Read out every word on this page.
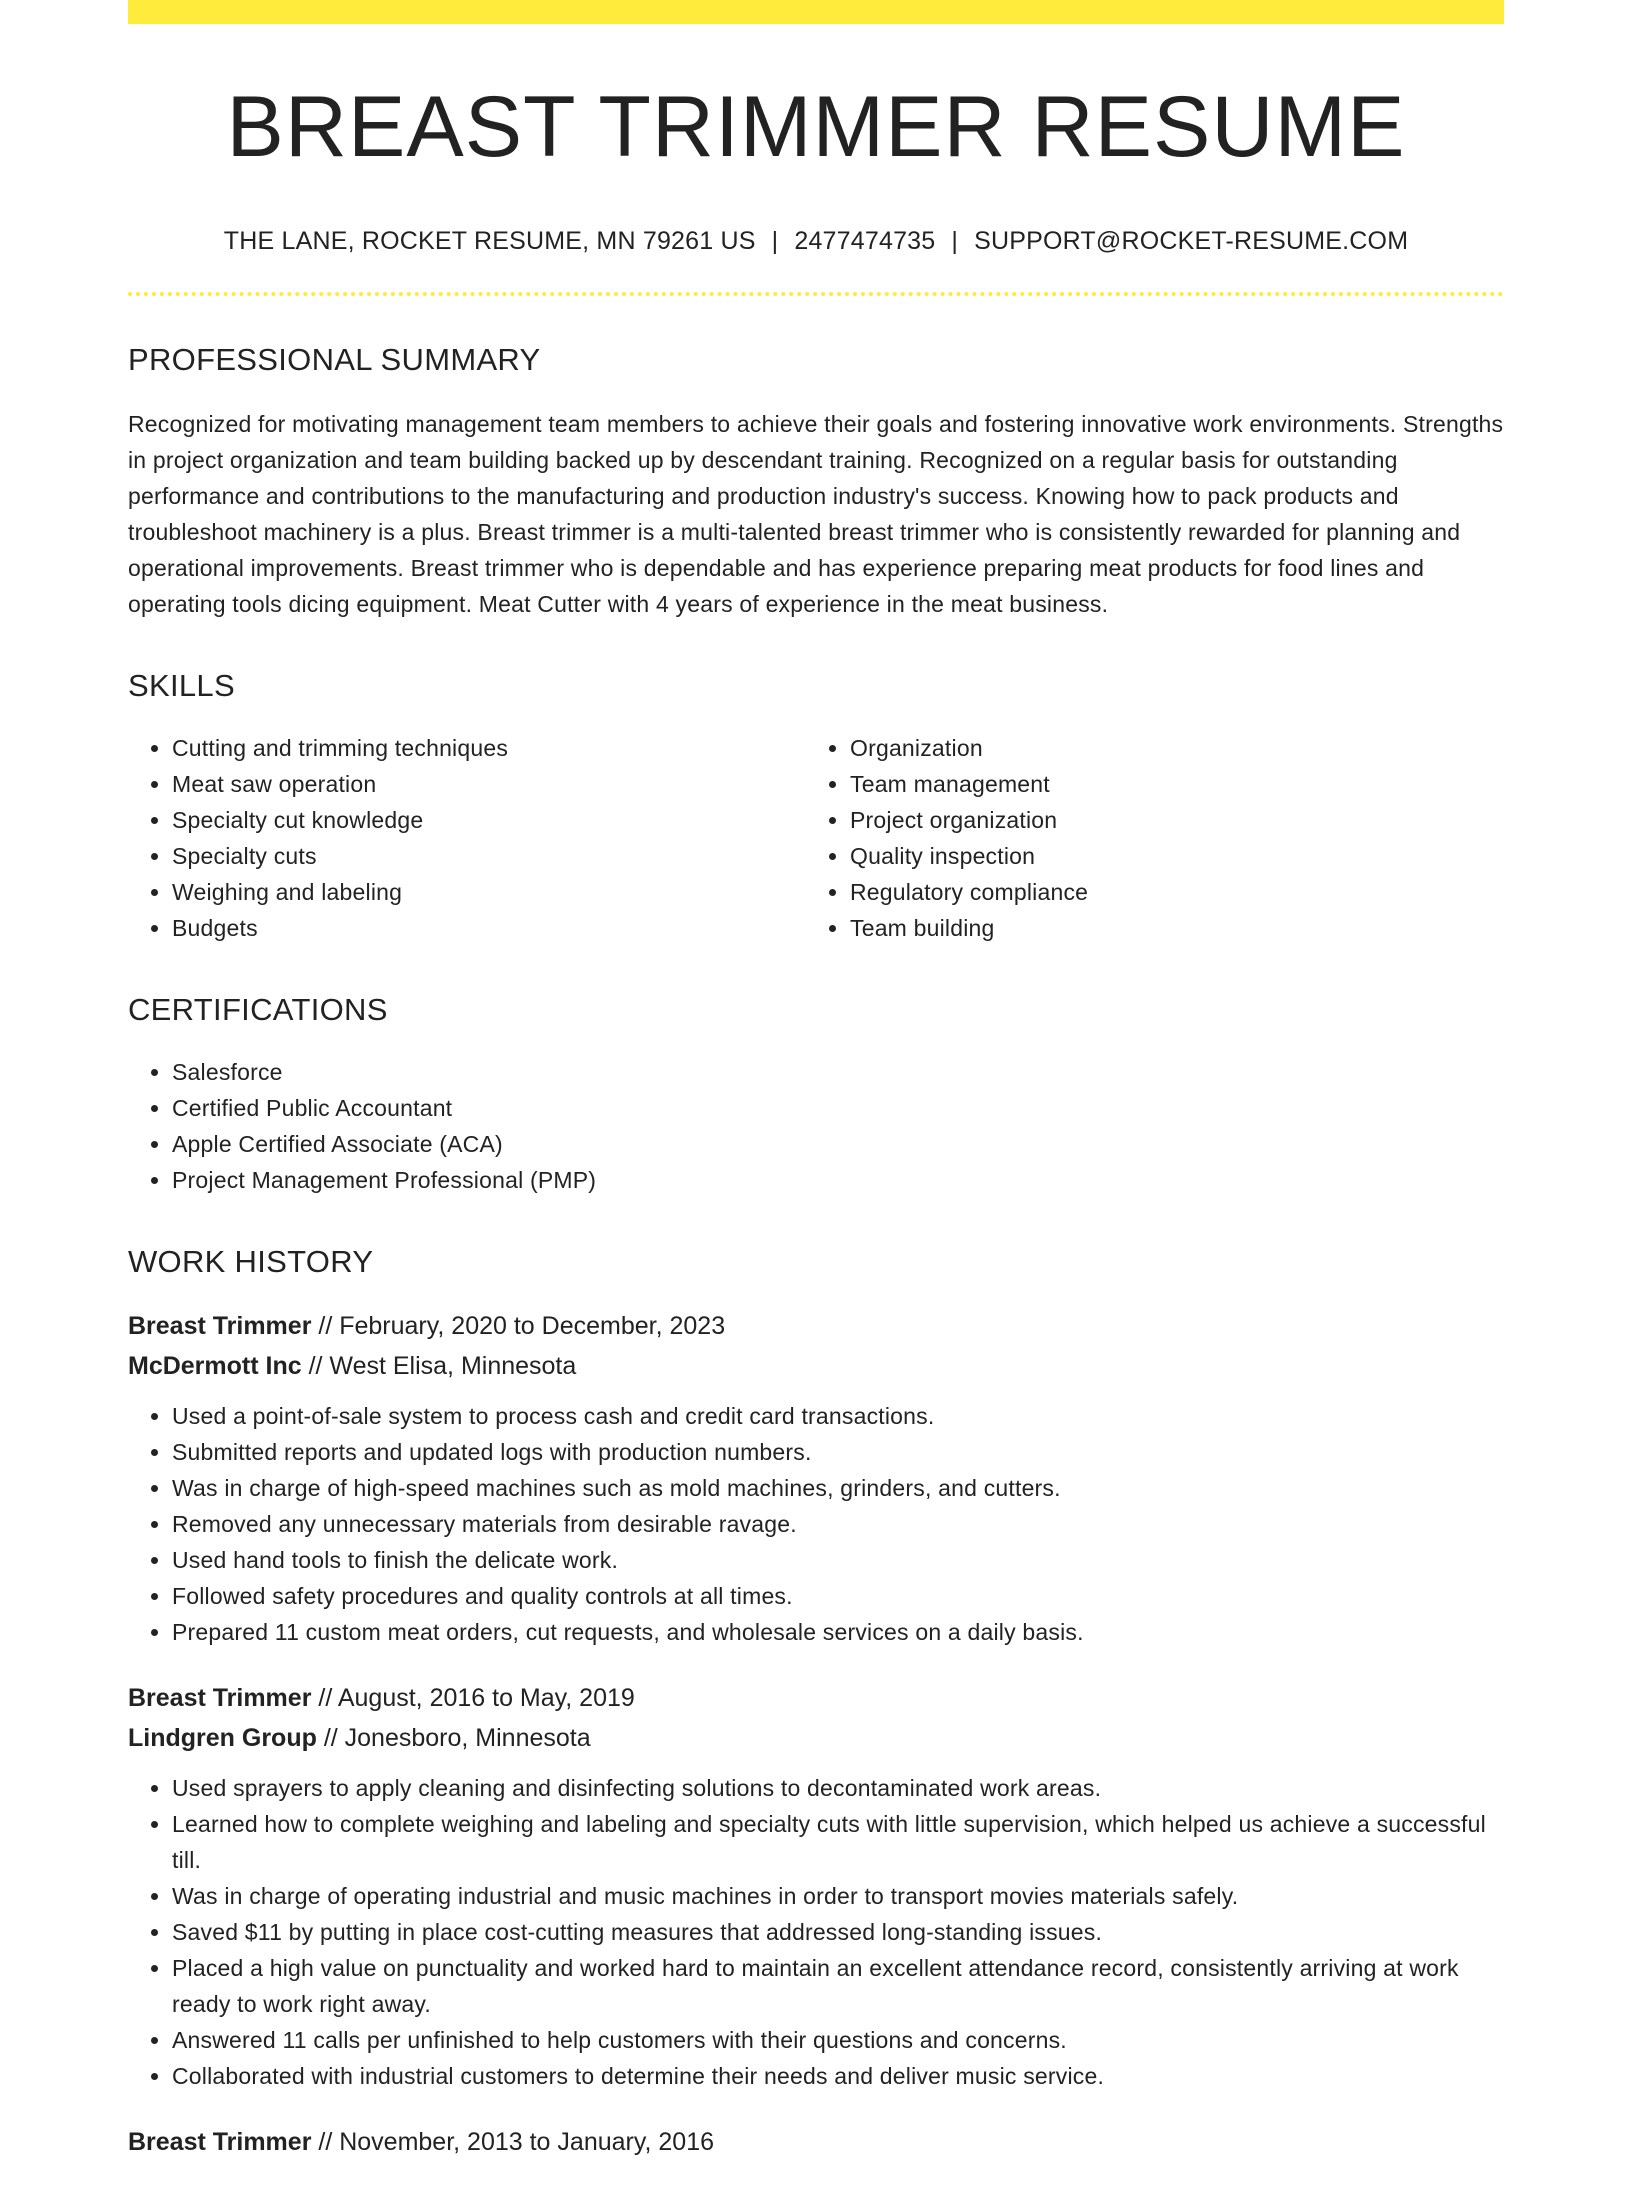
BREAST TRIMMER RESUME
THE LANE, ROCKET RESUME, MN 79261 US | 2477474735 | SUPPORT@ROCKET-RESUME.COM
PROFESSIONAL SUMMARY

Recognized for motivating management team members to achieve their goals and fostering innovative work environments. Strengths in project organization and team building backed up by descendant training. Recognized on a regular basis for outstanding performance and contributions to the manufacturing and production industry's success. Knowing how to pack products and troubleshoot machinery is a plus. Breast trimmer is a multi-talented breast trimmer who is consistently rewarded for planning and operational improvements. Breast trimmer who is dependable and has experience preparing meat products for food lines and operating tools dicing equipment. Meat Cutter with 4 years of experience in the meat business.

SKILLS
• Cutting and trimming techniques
• Meat saw operation
• Specialty cut knowledge
• Specialty cuts
• Weighing and labeling
• Budgets
• Organization
• Team management
• Project organization
• Quality inspection
• Regulatory compliance
• Team building
CERTIFICATIONS
• Salesforce
• Certified Public Accountant
• Apple Certified Associate (ACA)
• Project Management Professional (PMP)
WORK HISTORY
Breast Trimmer // February, 2020 to December, 2023
McDermott Inc // West Elisa, Minnesota
• Used a point-of-sale system to process cash and credit card transactions.
• Submitted reports and updated logs with production numbers.
• Was in charge of high-speed machines such as mold machines, grinders, and cutters.
• Removed any unnecessary materials from desirable ravage.
• Used hand tools to finish the delicate work.
• Followed safety procedures and quality controls at all times.
• Prepared 11 custom meat orders, cut requests, and wholesale services on a daily basis.
Breast Trimmer // August, 2016 to May, 2019
Lindgren Group // Jonesboro, Minnesota
• Used sprayers to apply cleaning and disinfecting solutions to decontaminated work areas.
• Learned how to complete weighing and labeling and specialty cuts with little supervision, which helped us achieve a successful till.
• Was in charge of operating industrial and music machines in order to transport movies materials safely.
• Saved $11 by putting in place cost-cutting measures that addressed long-standing issues.
• Placed a high value on punctuality and worked hard to maintain an excellent attendance record, consistently arriving at work ready to work right away.
• Answered 11 calls per unfinished to help customers with their questions and concerns.
• Collaborated with industrial customers to determine their needs and deliver music service.
Breast Trimmer // November, 2013 to January, 2016
